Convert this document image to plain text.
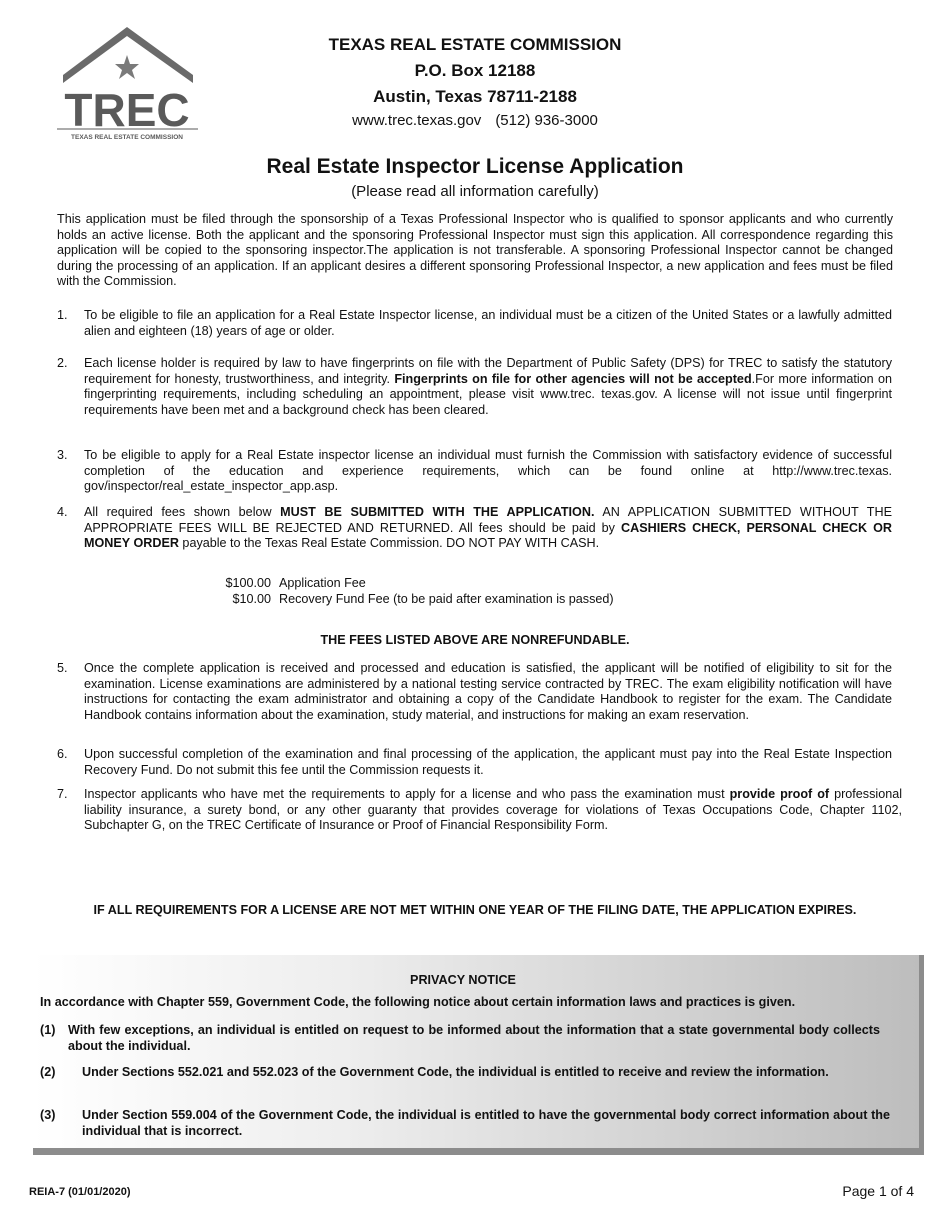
TREC
TEXAS REAL ESTATE COMMISSION
TEXAS REAL ESTATE COMMISSION
P.O. Box 12188
Austin, Texas 78711-2188
www.trec.texas.gov (512) 936-3000
Real Estate Inspector License Application
(Please read all information carefully)
This application must be filed through the sponsorship of a Texas Professional Inspector who is qualified to sponsor applicants and who currently holds an active license. Both the applicant and the sponsoring Professional Inspector must sign this application. All correspondence regarding this application will be copied to the sponsoring inspector.The application is not transferable. A sponsoring Professional Inspector cannot be changed during the processing of an application. If an applicant desires a different sponsoring Professional Inspector, a new application and fees must be filed with the Commission.
1.	To be eligible to file an application for a Real Estate Inspector license, an individual must be a citizen of the United States or a lawfully admitted alien and eighteen (18) years of age or older.
2.	Each license holder is required by law to have fingerprints on file with the Department of Public Safety (DPS) for TREC to satisfy the statutory requirement for honesty, trustworthiness, and integrity. Fingerprints on file for other agencies will not be accepted.For more information on fingerprinting requirements, including scheduling an appointment, please visit www.trec. texas.gov. A license will not issue until fingerprint requirements have been met and a background check has been cleared.
3.	To be eligible to apply for a Real Estate inspector license an individual must furnish the Commission with satisfactory evidence of successful completion of the education and experience requirements, which can be found online at http://www.trec.texas. gov/inspector/real_estate_inspector_app.asp.
4.	All required fees shown below MUST BE SUBMITTED WITH THE APPLICATION. AN APPLICATION SUBMITTED WITHOUT THE APPROPRIATE FEES WILL BE REJECTED AND RETURNED. All fees should be paid by CASHIERS CHECK, PERSONAL CHECK OR MONEY ORDER payable to the Texas Real Estate Commission. DO NOT PAY WITH CASH.
$100.00 Application Fee
$10.00 Recovery Fund Fee (to be paid after examination is passed)
THE FEES LISTED ABOVE ARE NONREFUNDABLE.
5.	Once the complete application is received and processed and education is satisfied, the applicant will be notified of eligibility to sit for the examination. License examinations are administered by a national testing service contracted by TREC. The exam eligibility notification will have instructions for contacting the exam administrator and obtaining a copy of the Candidate Handbook to register for the exam. The Candidate Handbook contains information about the examination, study material, and instructions for making an exam reservation.
6.	Upon successful completion of the examination and final processing of the application, the applicant must pay into the Real Estate Inspection Recovery Fund. Do not submit this fee until the Commission requests it.
7.	Inspector applicants who have met the requirements to apply for a license and who pass the examination must provide proof of professional liability insurance, a surety bond, or any other guaranty that provides coverage for violations of Texas Occupations Code, Chapter 1102, Subchapter G, on the TREC Certificate of Insurance or Proof of Financial Responsibility Form.
IF ALL REQUIREMENTS FOR A LICENSE ARE NOT MET WITHIN ONE YEAR OF THE FILING DATE, THE APPLICATION EXPIRES.
PRIVACY NOTICE
In accordance with Chapter 559, Government Code, the following notice about certain information laws and practices is given.
(1) With few exceptions, an individual is entitled on request to be informed about the information that a state governmental body collects about the individual.
(2) Under Sections 552.021 and 552.023 of the Government Code, the individual is entitled to receive and review the information.
(3) Under Section 559.004 of the Government Code, the individual is entitled to have the governmental body correct information about the individual that is incorrect.
REIA-7 (01/01/2020)	Page 1 of 4
